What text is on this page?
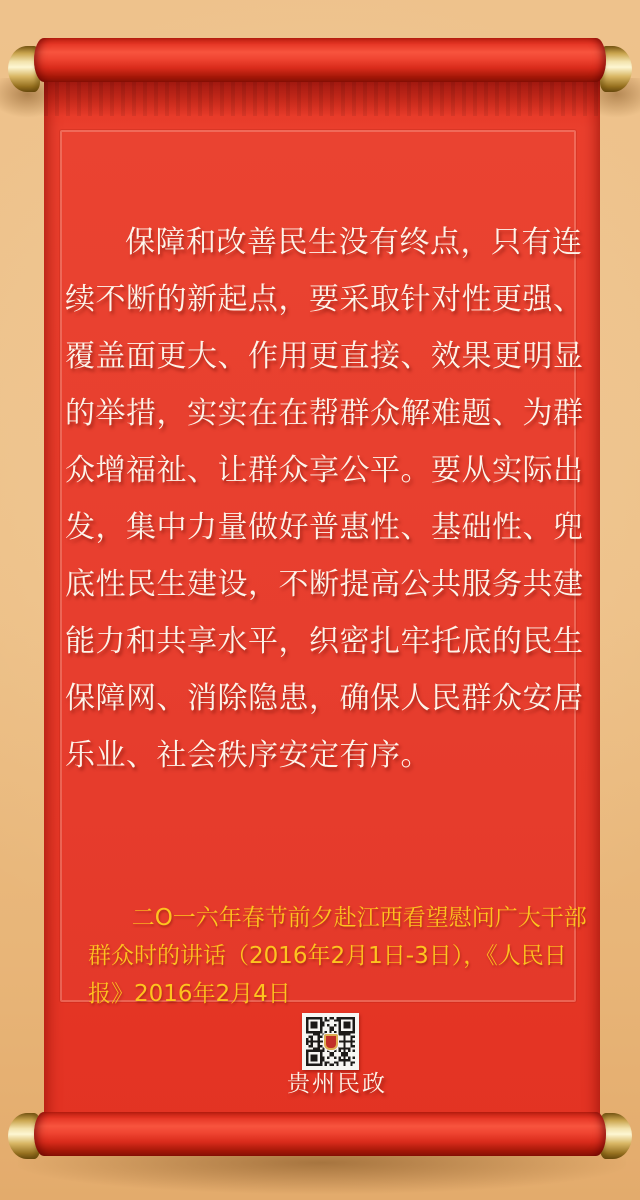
保障和改善民生没有终点，只有连
续不断的新起点，要采取针对性更强、
覆盖面更大、作用更直接、效果更明显
的举措，实实在在帮群众解难题、为群
众增福祉、让群众享公平。要从实际出
发，集中力量做好普惠性、基础性、兜
底性民生建设，不断提高公共服务共建
能力和共享水平，织密扎牢托底的民生
保障网、消除隐患，确保人民群众安居
乐业、社会秩序安定有序。
二O一六年春节前夕赴江西看望慰问广大干部
群众时的讲话（2016年2月1日-3日），《人民日
报》2016年2月4日
贵州民政
